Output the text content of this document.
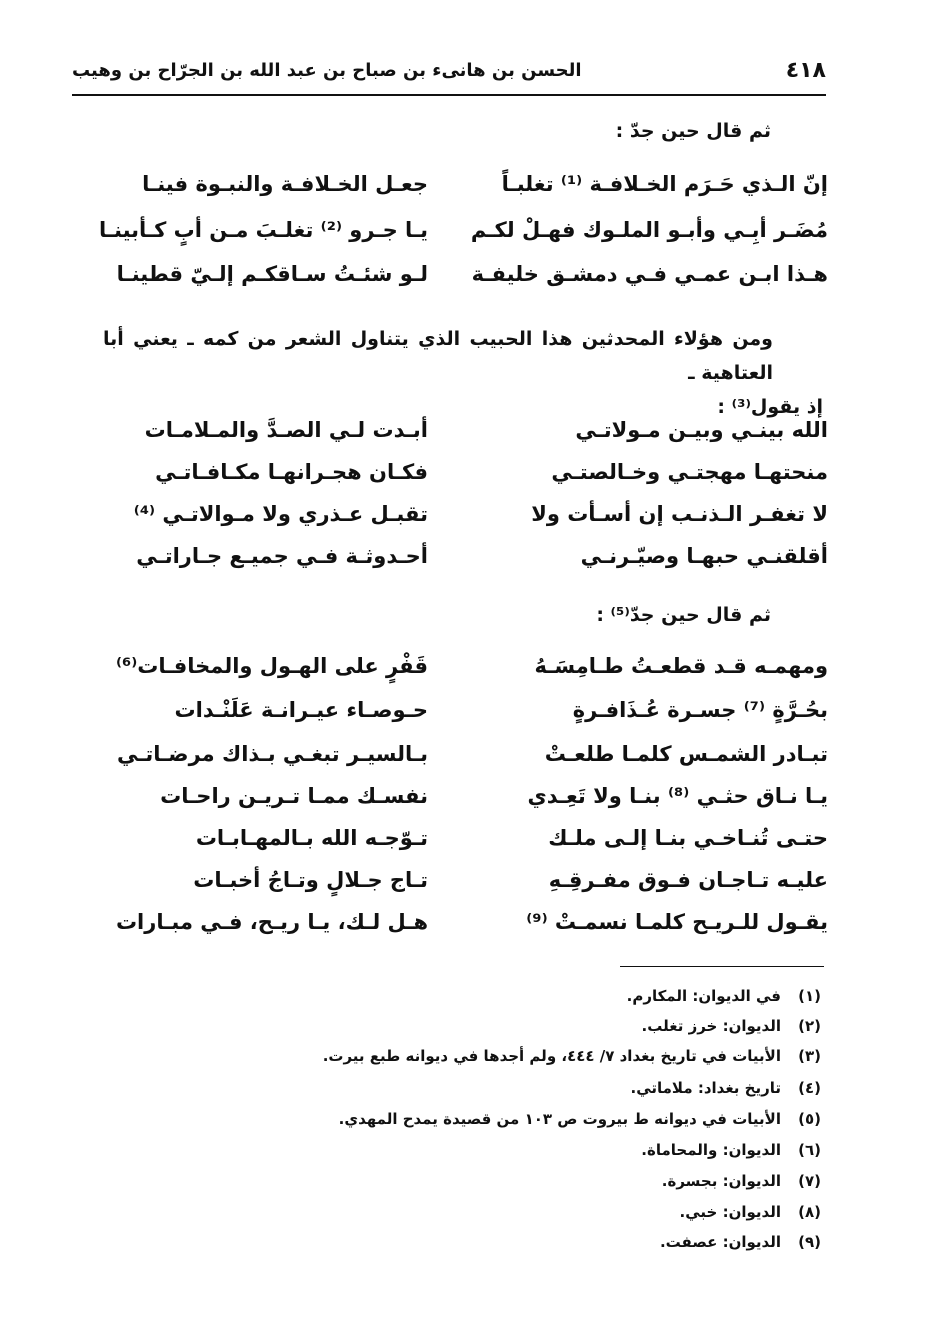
٤١٨
الحسن بن هانىء بن صباح بن عبد الله بن الجرّاح بن وهيب
ثم قال حين جدّ :
إنّ الـذي حَـرَم الخـلافـة ⁽¹⁾ تغلبـاً
جعـل الخـلافـة والنبـوة فينـا
مُضَـر أبِـي وأبـو الملـوك فهـلْ لكـم
يـا جـرو ⁽²⁾ تغلـبَ مـن أبٍ كـأبينـا
هـذا ابـن عمـي فـي دمشـق خليفـة
لـو شئـتُ سـاقكـم إلـيّ قطينـا
ومن هؤلاء المحدثين هذا الحبيب الذي يتناول الشعر من كمه ـ يعني أبا العتاهية ـ
إذ يقول⁽³⁾ :
الله بينـي وبيـن مـولاتـي
أبـدت لـي الصـدَّ والمـلامـات
منحتهـا مهجتـي وخـالصتـي
فكـان هجـرانهـا مكـافـاتـي
لا تغفـر الـذنـب إن أسـأت ولا
تقبـل عـذري ولا مـوالاتـي ⁽⁴⁾
أقلقنـي حبهـا وصيّـرنـي
أحـدوثـة فـي جميـع جـاراتـي
ثم قال حين جدّ⁽⁵⁾ :
ومهمـه قـد قطعـتُ طـامِسَـهُ
قَفْرٍ على الهـول والمخافـات⁽⁶⁾
بحُـرَّةٍ ⁽⁷⁾ جسـرة عُـذَافـرةٍ
حـوصـاء عيـرانـة عَلَنْـدات
تبـادر الشمـس كلمـا طلعـتْ
بـالسيـر تبغـي بـذاك مرضـاتـي
يـا نـاق حثـي ⁽⁸⁾ بنـا ولا تَعِـدي
نفسـك ممـا تـريـن راحـات
حتـى تُنـاخـي بنـا إلـى ملـك
تـوّجـه الله بـالمهـابـات
عليـه تـاجـان فـوق مفـرقِـهِ
تـاج جـلالٍ وتـاجُ أخبـات
يقـول للـريـح كلمـا نسمـتْ ⁽⁹⁾
هـل لـك، يـا ريـح، فـي مبـارات
(١)في الديوان: المكارم.
(٢)الديوان: خرز تغلب.
(٣)الأبيات في تاريخ بغداد ٧/ ٤٤٤، ولم أجدها في ديوانه طبع بيرت.
(٤)تاريخ بغداد: ملاماتي.
(٥)الأبيات في ديوانه ط بيروت ص ١٠٣ من قصيدة يمدح المهدي.
(٦)الديوان: والمحاماة.
(٧)الديوان: بجسرة.
(٨)الديوان: خبي.
(٩)الديوان: عصفت.
